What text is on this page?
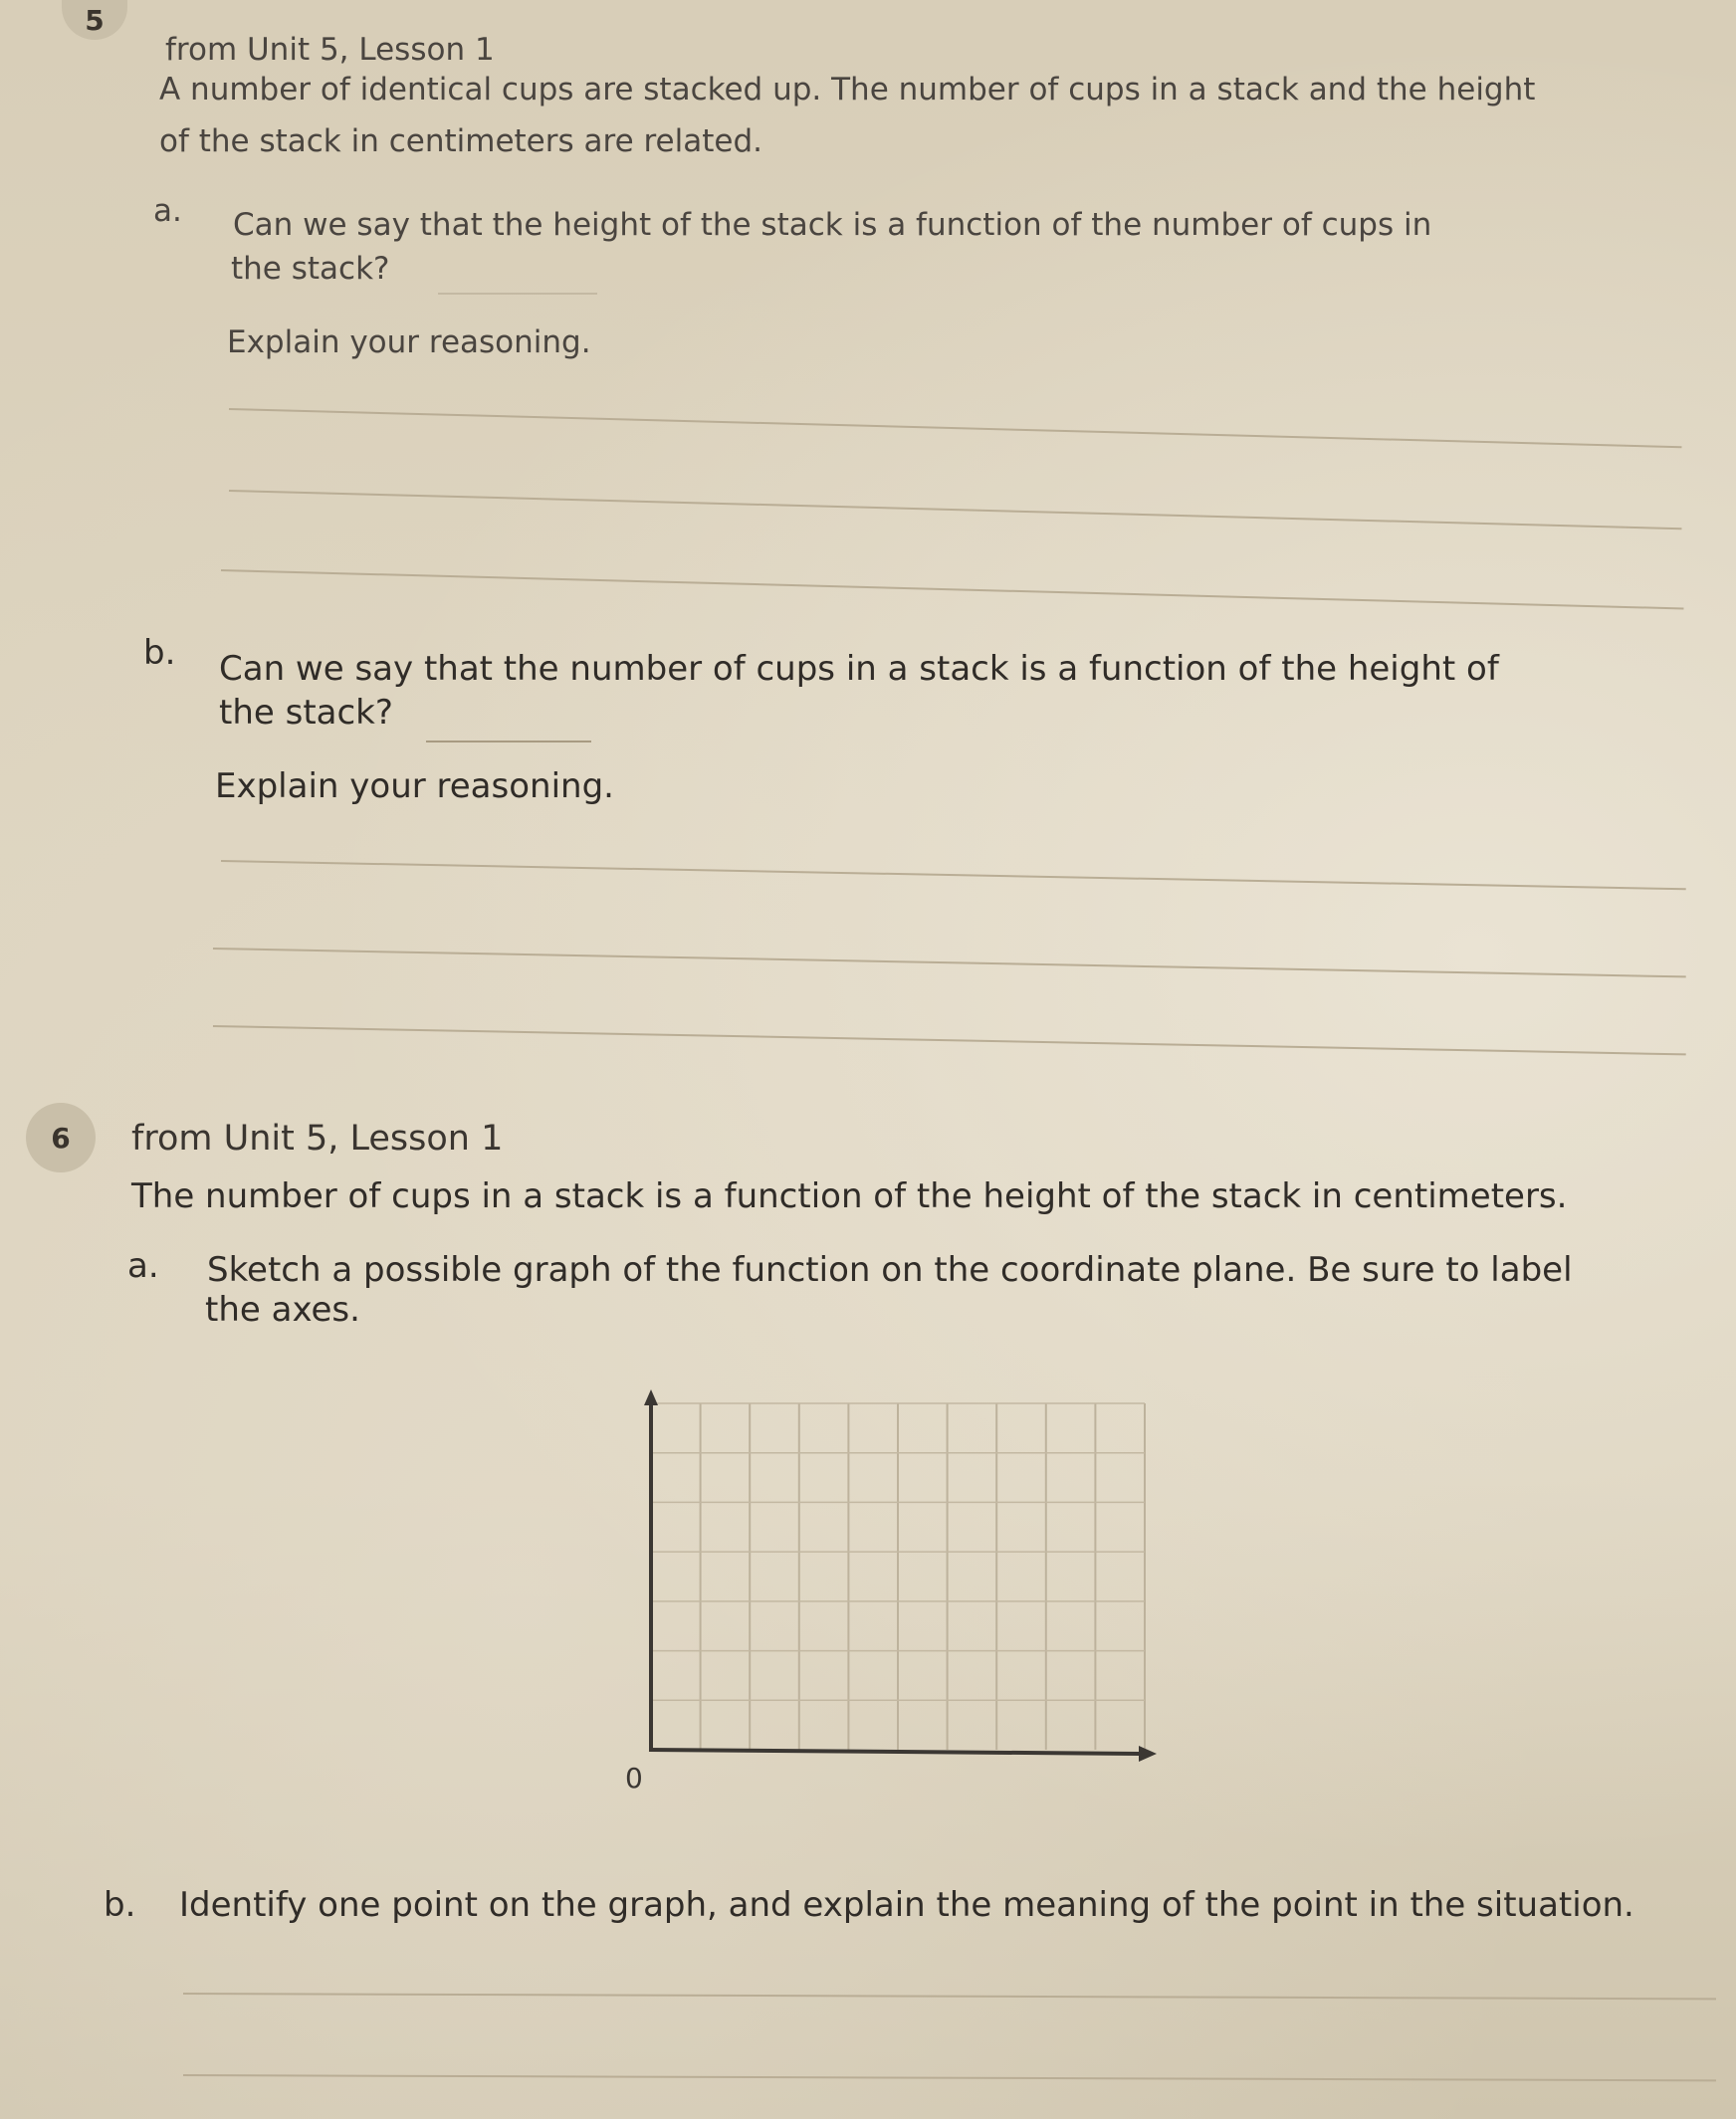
5
from Unit 5, Lesson 1
A number of identical cups are stacked up. The number of cups in a stack and the height
of the stack in centimeters are related.
a. Can we say that the height of the stack is a function of the number of cups in
the stack?
Explain your reasoning.
b. Can we say that the number of cups in a stack is a function of the height of
the stack?
Explain your reasoning.
6 from Unit 5, Lesson 1
The number of cups in a stack is a function of the height of the stack in centimeters.
a. Sketch a possible graph of the function on the coordinate plane. Be sure to label
the axes.
0
b. Identify one point on the graph, and explain the meaning of the point in the situation.
